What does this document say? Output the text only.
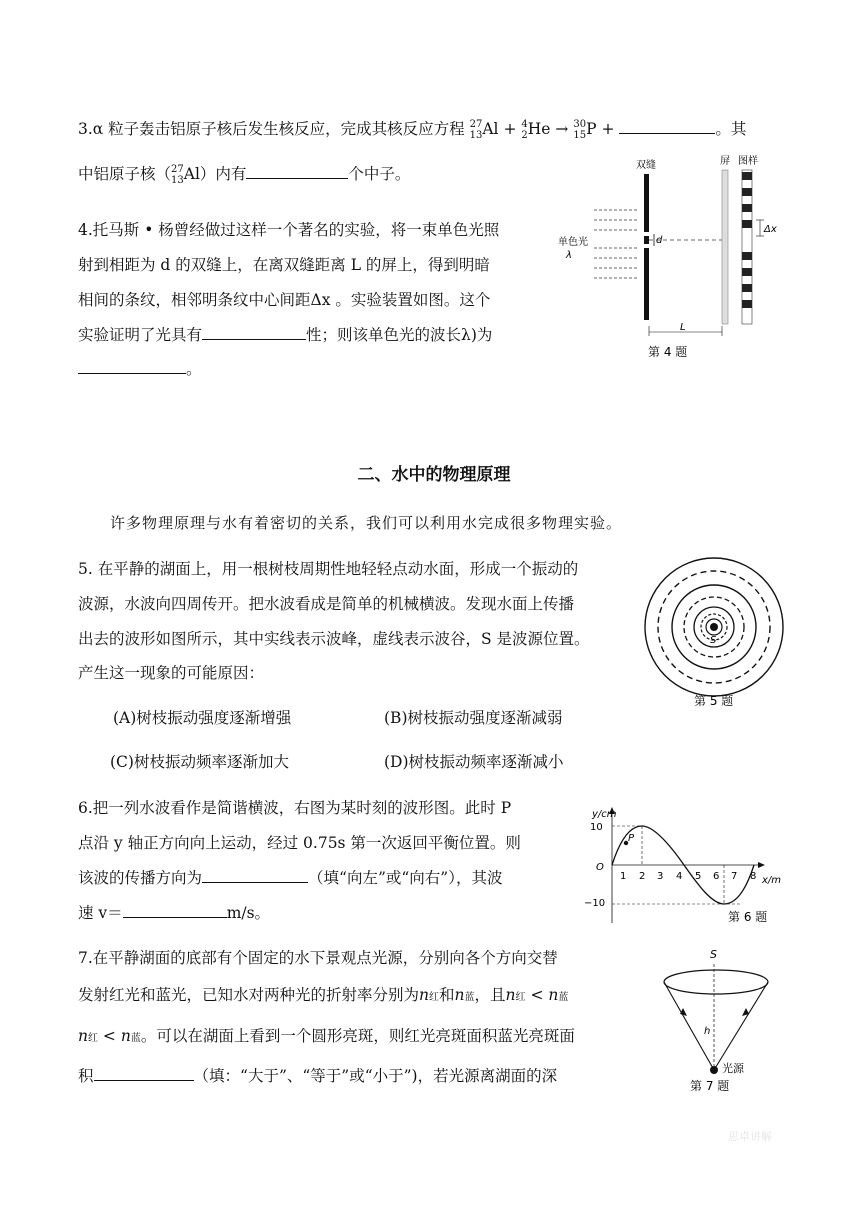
3.α 粒子轰击铝原子核后发生核反应，完成其核反应方程 27
13Al + 4
2He → 30
15P +	。其
中铝原子核（27
13Al）内有	个中子。
4.托马斯 • 杨曾经做过这样一个著名的实验，将一束单色光照
射到相距为 d 的双缝上，在离双缝距离 L 的屏上，得到明暗
相间的条纹，相邻明条纹中心间距Δx 。实验装置如图。这个
实验证明了光具有	性；则该单色光的波长λ)为
。
双缝	屏 图样
d
单色光
λ
Δx
L
第 4 题
二、水中的物理原理
许多物理原理与水有着密切的关系，我们可以利用水完成很多物理实验。
5. 在平静的湖面上，用一根树枝周期性地轻轻点动水面，形成一个振动的
波源，水波向四周传开。把水波看成是简单的机械横波。发现水面上传播
出去的波形如图所示，其中实线表示波峰，虚线表示波谷，S 是波源位置。
产生这一现象的可能原因：
(A)树枝振动强度逐渐增强	(B)树枝振动强度逐渐减弱
(C)树枝振动频率逐渐加大	(D)树枝振动频率逐渐减小
S
第 5 题
6.把一列水波看作是简谐横波，右图为某时刻的波形图。此时 P
点沿 y 轴正方向向上运动，经过 0.75s 第一次返回平衡位置。则
该波的传播方向为	（填“向左”或“向右”），其波
速 v＝	m/s。
y/cm
x/m
O
10
−10
1 2 3 4 5 6 7 8
P
第 6 题
7.在平静湖面的底部有个固定的水下景观点光源，分别向各个方向交替
发射红光和蓝光，已知水对两种光的折射率分别为n红和n蓝，且n红 < n蓝
n红 < n蓝。可以在湖面上看到一个圆形亮斑，则红光亮斑面积蓝光亮斑面
积	（填：“大于”、“等于”或“小于”)，若光源离湖面的深
S
h
光源
第 7 题
思卓讲解
